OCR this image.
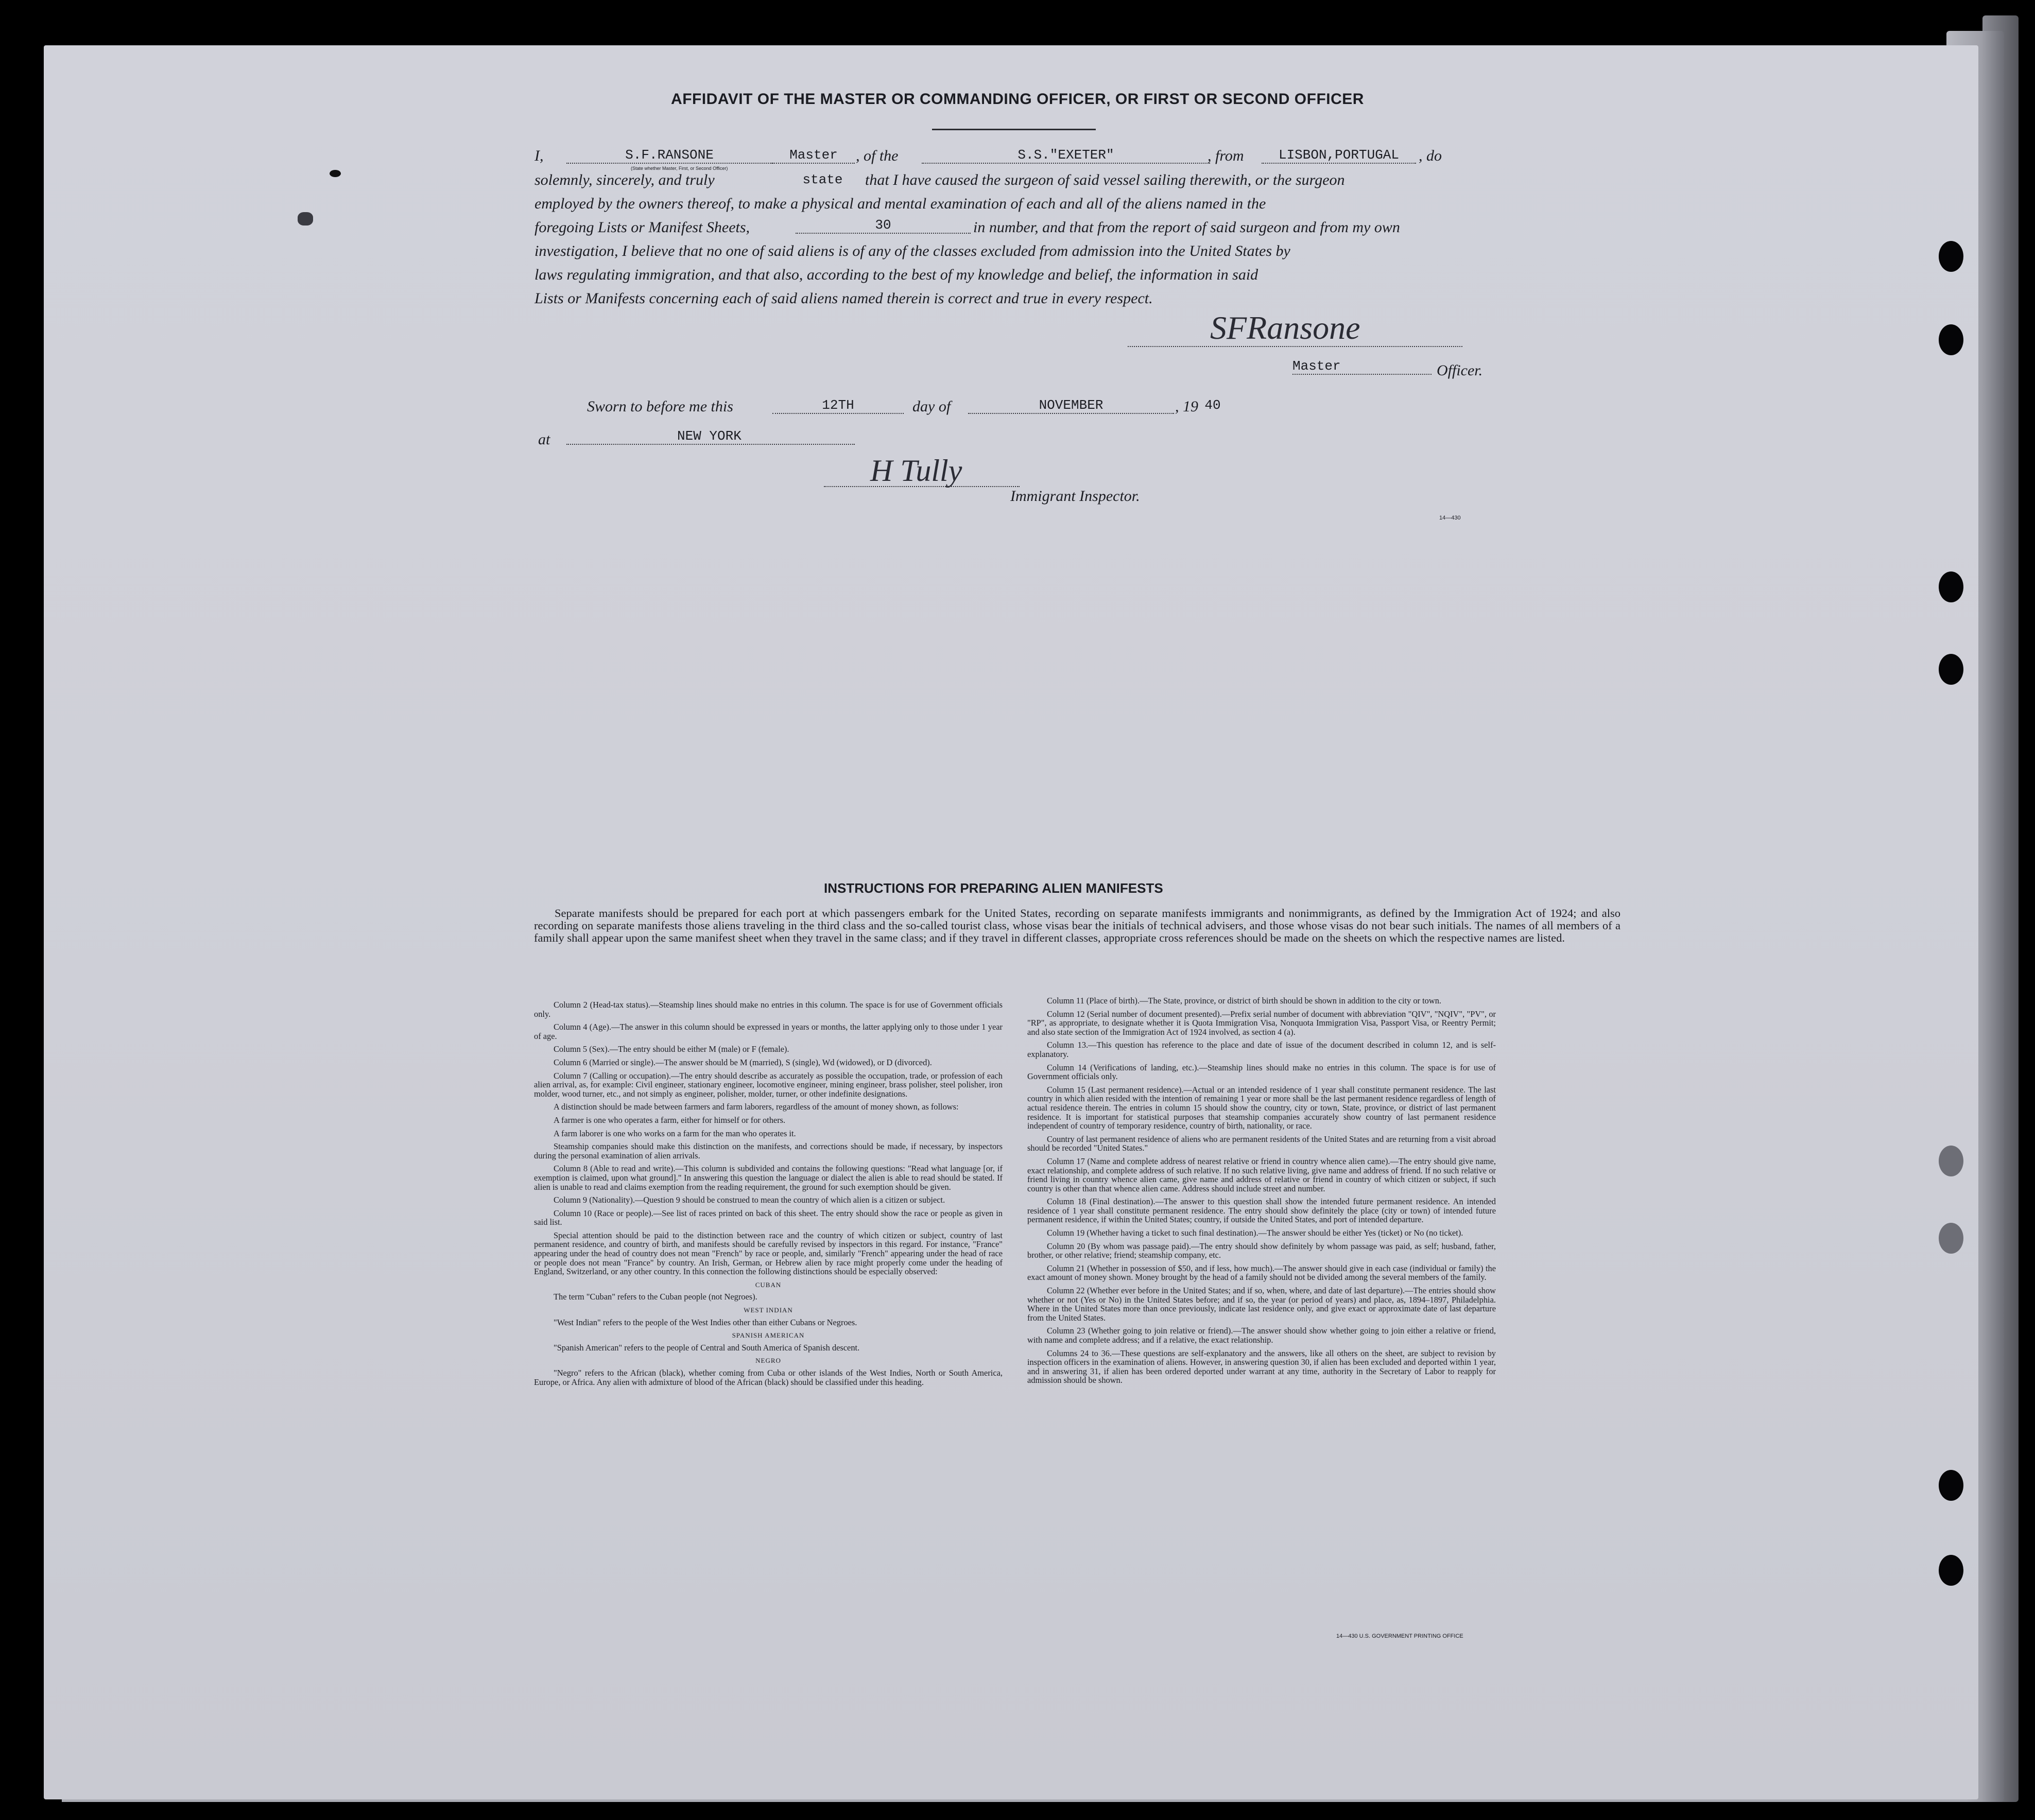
AFFIDAVIT OF THE MASTER OR COMMANDING OFFICER, OR FIRST OR SECOND OFFICER
I,	S.F.RANSONE	Master	, of the	S.S."EXETER"	, from	LISBON,PORTUGAL	, do
(State whether Master, First, or Second Officer)
solemnly, sincerely, and truly	state	that I have caused the surgeon of said vessel sailing therewith, or the surgeon
employed by the owners thereof, to make a physical and mental examination of each and all of the aliens named in the
foregoing Lists or Manifest Sheets,	30	in number, and that from the report of said surgeon and from my own
investigation, I believe that no one of said aliens is of any of the classes excluded from admission into the United States by
laws regulating immigration, and that also, according to the best of my knowledge and belief, the information in said
Lists or Manifests concerning each of said aliens named therein is correct and true in every respect.
SFRansone
Master	Officer.
Sworn to before me this	12TH	day of	NOVEMBER	, 19 40
at	NEW YORK
H Tully
Immigrant Inspector.
14—430
INSTRUCTIONS FOR PREPARING ALIEN MANIFESTS
Separate manifests should be prepared for each port at which passengers embark for the United States, recording on separate manifests immigrants and nonimmigrants, as defined by the Immigration Act of 1924; and also recording on separate manifests those aliens traveling in the third class and the so-called tourist class, whose visas bear the initials of technical advisers, and those whose visas do not bear such initials. The names of all members of a family shall appear upon the same manifest sheet when they travel in the same class; and if they travel in different classes, appropriate cross references should be made on the sheets on which the respective names are listed.

Column 2 (Head-tax status).—Steamship lines should make no entries in this column. The space is for use of Government officials only.

Column 4 (Age).—The answer in this column should be expressed in years or months, the latter applying only to those under 1 year of age.

Column 5 (Sex).—The entry should be either M (male) or F (female).

Column 6 (Married or single).—The answer should be M (married), S (single), Wd (widowed), or D (divorced).

Column 7 (Calling or occupation).—The entry should describe as accurately as possible the occupation, trade, or profession of each alien arrival, as, for example: Civil engineer, stationary engineer, locomotive engineer, mining engineer, brass polisher, steel polisher, iron molder, wood turner, etc., and not simply as engineer, polisher, molder, turner, or other indefinite designations.

A distinction should be made between farmers and farm laborers, regardless of the amount of money shown, as follows:

A farmer is one who operates a farm, either for himself or for others.

A farm laborer is one who works on a farm for the man who operates it.

Steamship companies should make this distinction on the manifests, and corrections should be made, if necessary, by inspectors during the personal examination of alien arrivals.

Column 8 (Able to read and write).—This column is subdivided and contains the following questions: "Read what language [or, if exemption is claimed, upon what ground]." In answering this question the language or dialect the alien is able to read should be stated. If alien is unable to read and claims exemption from the reading requirement, the ground for such exemption should be given.

Column 9 (Nationality).—Question 9 should be construed to mean the country of which alien is a citizen or subject.

Column 10 (Race or people).—See list of races printed on back of this sheet. The entry should show the race or people as given in said list.

Special attention should be paid to the distinction between race and the country of which citizen or subject, country of last permanent residence, and country of birth, and manifests should be carefully revised by inspectors in this regard. For instance, "France" appearing under the head of country does not mean "French" by race or people, and, similarly "French" appearing under the head of race or people does not mean "France" by country. An Irish, German, or Hebrew alien by race might properly come under the heading of England, Switzerland, or any other country. In this connection the following distinctions should be especially observed:

CUBAN

The term "Cuban" refers to the Cuban people (not Negroes).

WEST INDIAN

"West Indian" refers to the people of the West Indies other than either Cubans or Negroes.

SPANISH AMERICAN

"Spanish American" refers to the people of Central and South America of Spanish descent.

NEGRO

"Negro" refers to the African (black), whether coming from Cuba or other islands of the West Indies, North or South America, Europe, or Africa. Any alien with admixture of blood of the African (black) should be classified under this heading.

Column 11 (Place of birth).—The State, province, or district of birth should be shown in addition to the city or town.

Column 12 (Serial number of document presented).—Prefix serial number of document with abbreviation "QIV", "NQIV", "PV", or "RP", as appropriate, to designate whether it is Quota Immigration Visa, Nonquota Immigration Visa, Passport Visa, or Reentry Permit; and also state section of the Immigration Act of 1924 involved, as section 4 (a).

Column 13.—This question has reference to the place and date of issue of the document described in column 12, and is self-explanatory.

Column 14 (Verifications of landing, etc.).—Steamship lines should make no entries in this column. The space is for use of Government officials only.

Column 15 (Last permanent residence).—Actual or an intended residence of 1 year shall constitute permanent residence. The last country in which alien resided with the intention of remaining 1 year or more shall be the last permanent residence regardless of length of actual residence therein. The entries in column 15 should show the country, city or town, State, province, or district of last permanent residence. It is important for statistical purposes that steamship companies accurately show country of last permanent residence independent of country of temporary residence, country of birth, nationality, or race.

Country of last permanent residence of aliens who are permanent residents of the United States and are returning from a visit abroad should be recorded "United States."

Column 17 (Name and complete address of nearest relative or friend in country whence alien came).—The entry should give name, exact relationship, and complete address of such relative. If no such relative living, give name and address of friend. If no such relative or friend living in country whence alien came, give name and address of relative or friend in country of which citizen or subject, if such country is other than that whence alien came. Address should include street and number.

Column 18 (Final destination).—The answer to this question shall show the intended future permanent residence. An intended residence of 1 year shall constitute permanent residence. The entry should show definitely the place (city or town) of intended future permanent residence, if within the United States; country, if outside the United States, and port of intended departure.

Column 19 (Whether having a ticket to such final destination).—The answer should be either Yes (ticket) or No (no ticket).

Column 20 (By whom was passage paid).—The entry should show definitely by whom passage was paid, as self; husband, father, brother, or other relative; friend; steamship company, etc.

Column 21 (Whether in possession of $50, and if less, how much).—The answer should give in each case (individual or family) the exact amount of money shown. Money brought by the head of a family should not be divided among the several members of the family.

Column 22 (Whether ever before in the United States; and if so, when, where, and date of last departure).—The entries should show whether or not (Yes or No) in the United States before; and if so, the year (or period of years) and place, as, 1894–1897, Philadelphia. Where in the United States more than once previously, indicate last residence only, and give exact or approximate date of last departure from the United States.

Column 23 (Whether going to join relative or friend).—The answer should show whether going to join either a relative or friend, with name and complete address; and if a relative, the exact relationship.

Columns 24 to 36.—These questions are self-explanatory and the answers, like all others on the sheet, are subject to revision by inspection officers in the examination of aliens. However, in answering question 30, if alien has been excluded and deported within 1 year, and in answering 31, if alien has been ordered deported under warrant at any time, authority in the Secretary of Labor to reapply for admission should be shown.

14—430 U.S. GOVERNMENT PRINTING OFFICE
